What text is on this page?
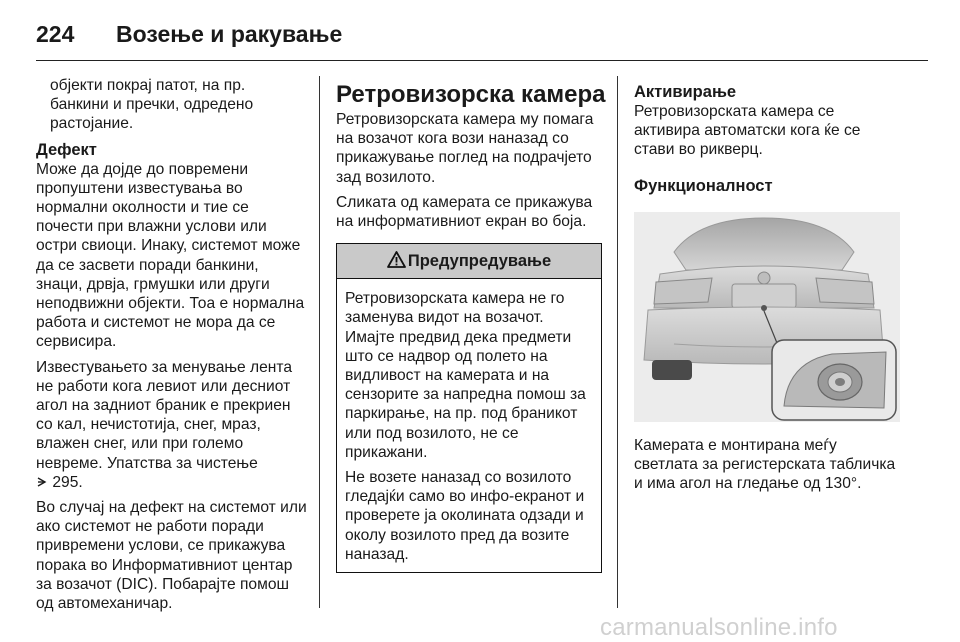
224 Возење и ракување

објекти покрај патот, на пр. банкини и пречки, одредено растојание.

Дефект

Може да дојде до повремени пропуштени известувања во нормални околности и тие се почести при влажни услови или остри свиоци. Инаку, системот може да се засвети поради банкини, знаци, дрвја, грмушки или други неподвижни објекти. Тоа е нормална работа и системот не мора да се сервисира.

Известувањето за менување лента не работи кога левиот или десниот агол на задниот браник е прекриен со кал, нечистотија, снег, мраз, влажен снег, или при големо невреме. Упатства за чистење
295.

Во случај на дефект на системот или ако системот не работи поради привремени услови, се прикажува порака во Информативниот центар за возачот (DIC). Побарајте помош од автомеханичар.

Ретровизорска камера

Ретровизорската камера му помага на возачот кога вози наназад со прикажување поглед на подрачјето зад возилото.

Сликата од камерата се прикажува на информативниот екран во боја.

Предупредување

Ретровизорската камера не го заменува видот на возачот. Имајте предвид дека предмети што се надвор од полето на видливост на камерата и на сензорите за напредна помош за паркирање, на пр. под браникот или под возилото, не се прикажани.

Не возете наназад со возилото гледајќи само во инфо-екранот и проверете ја околината одзади и околу возилото пред да возите наназад.

Активирање

Ретровизорската камера се активира автоматски кога ќе се стави во рикверц.

Функционалност

Камерата е монтирана меѓу светлата за регистерската табличка и има агол на гледање од 130°.

carmanualsonline.info
